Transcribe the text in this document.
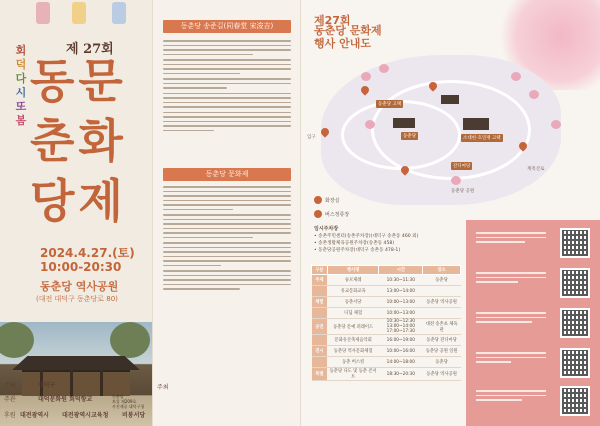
회
덕
다
시
또
봄
제 27회
동문
춘화
당제
2024.4.27.(토)
10:00-20:30
동춘당 역사공원
(대전 대덕구 동춘당로 80)
동춘당
보물 제209호
사진제공 대덕구청
동춘당 송준길(同春堂 宋浚吉)
동춘당 문화제
주최
주최	대덕구
주관	대덕문화원 회덕향교
후원 대전광역시 대전광역시교육청 비봉서당
제27회
동춘당 문화제
행사 안내도
동춘당 고택
동춘당	소대헌·호연재 고택
잔디마당
입구
계족산로
동춘당 공원
화장실
버스정류장
임시주차장
• 송촌주민센터(송촌주차장)(대덕구 송촌동 460 외)
• 송촌생활체육공원주차장(송촌동 458)
• 동춘당공원주차장(대덕구 송촌동 478-1)
구분	행사명	시간	장소
주제	숭모제례	10:30~11:30	동춘당
	유교문화교육	13:00~14:00	
체험	동춘서당	10:00~13:00	동춘당 역사공원
	디딤 체험	10:00~13:00	
공연	동춘당 문예 퍼레이드	10:30~12:30 13:00~14:00 17:00~17:30	대전 송촌초 체육관
	문화유산축제음악회	16:00~19:00	동춘당 잔디마당
전시	동춘당 역사문화체험	10:00~16:00	동춘당 공원 일원
	동춘 버스킹	14:00~18:00	동춘당
특별	동춘당 다도 및 동춘 콘서트	18:30~20:30	동춘당 역사공원
